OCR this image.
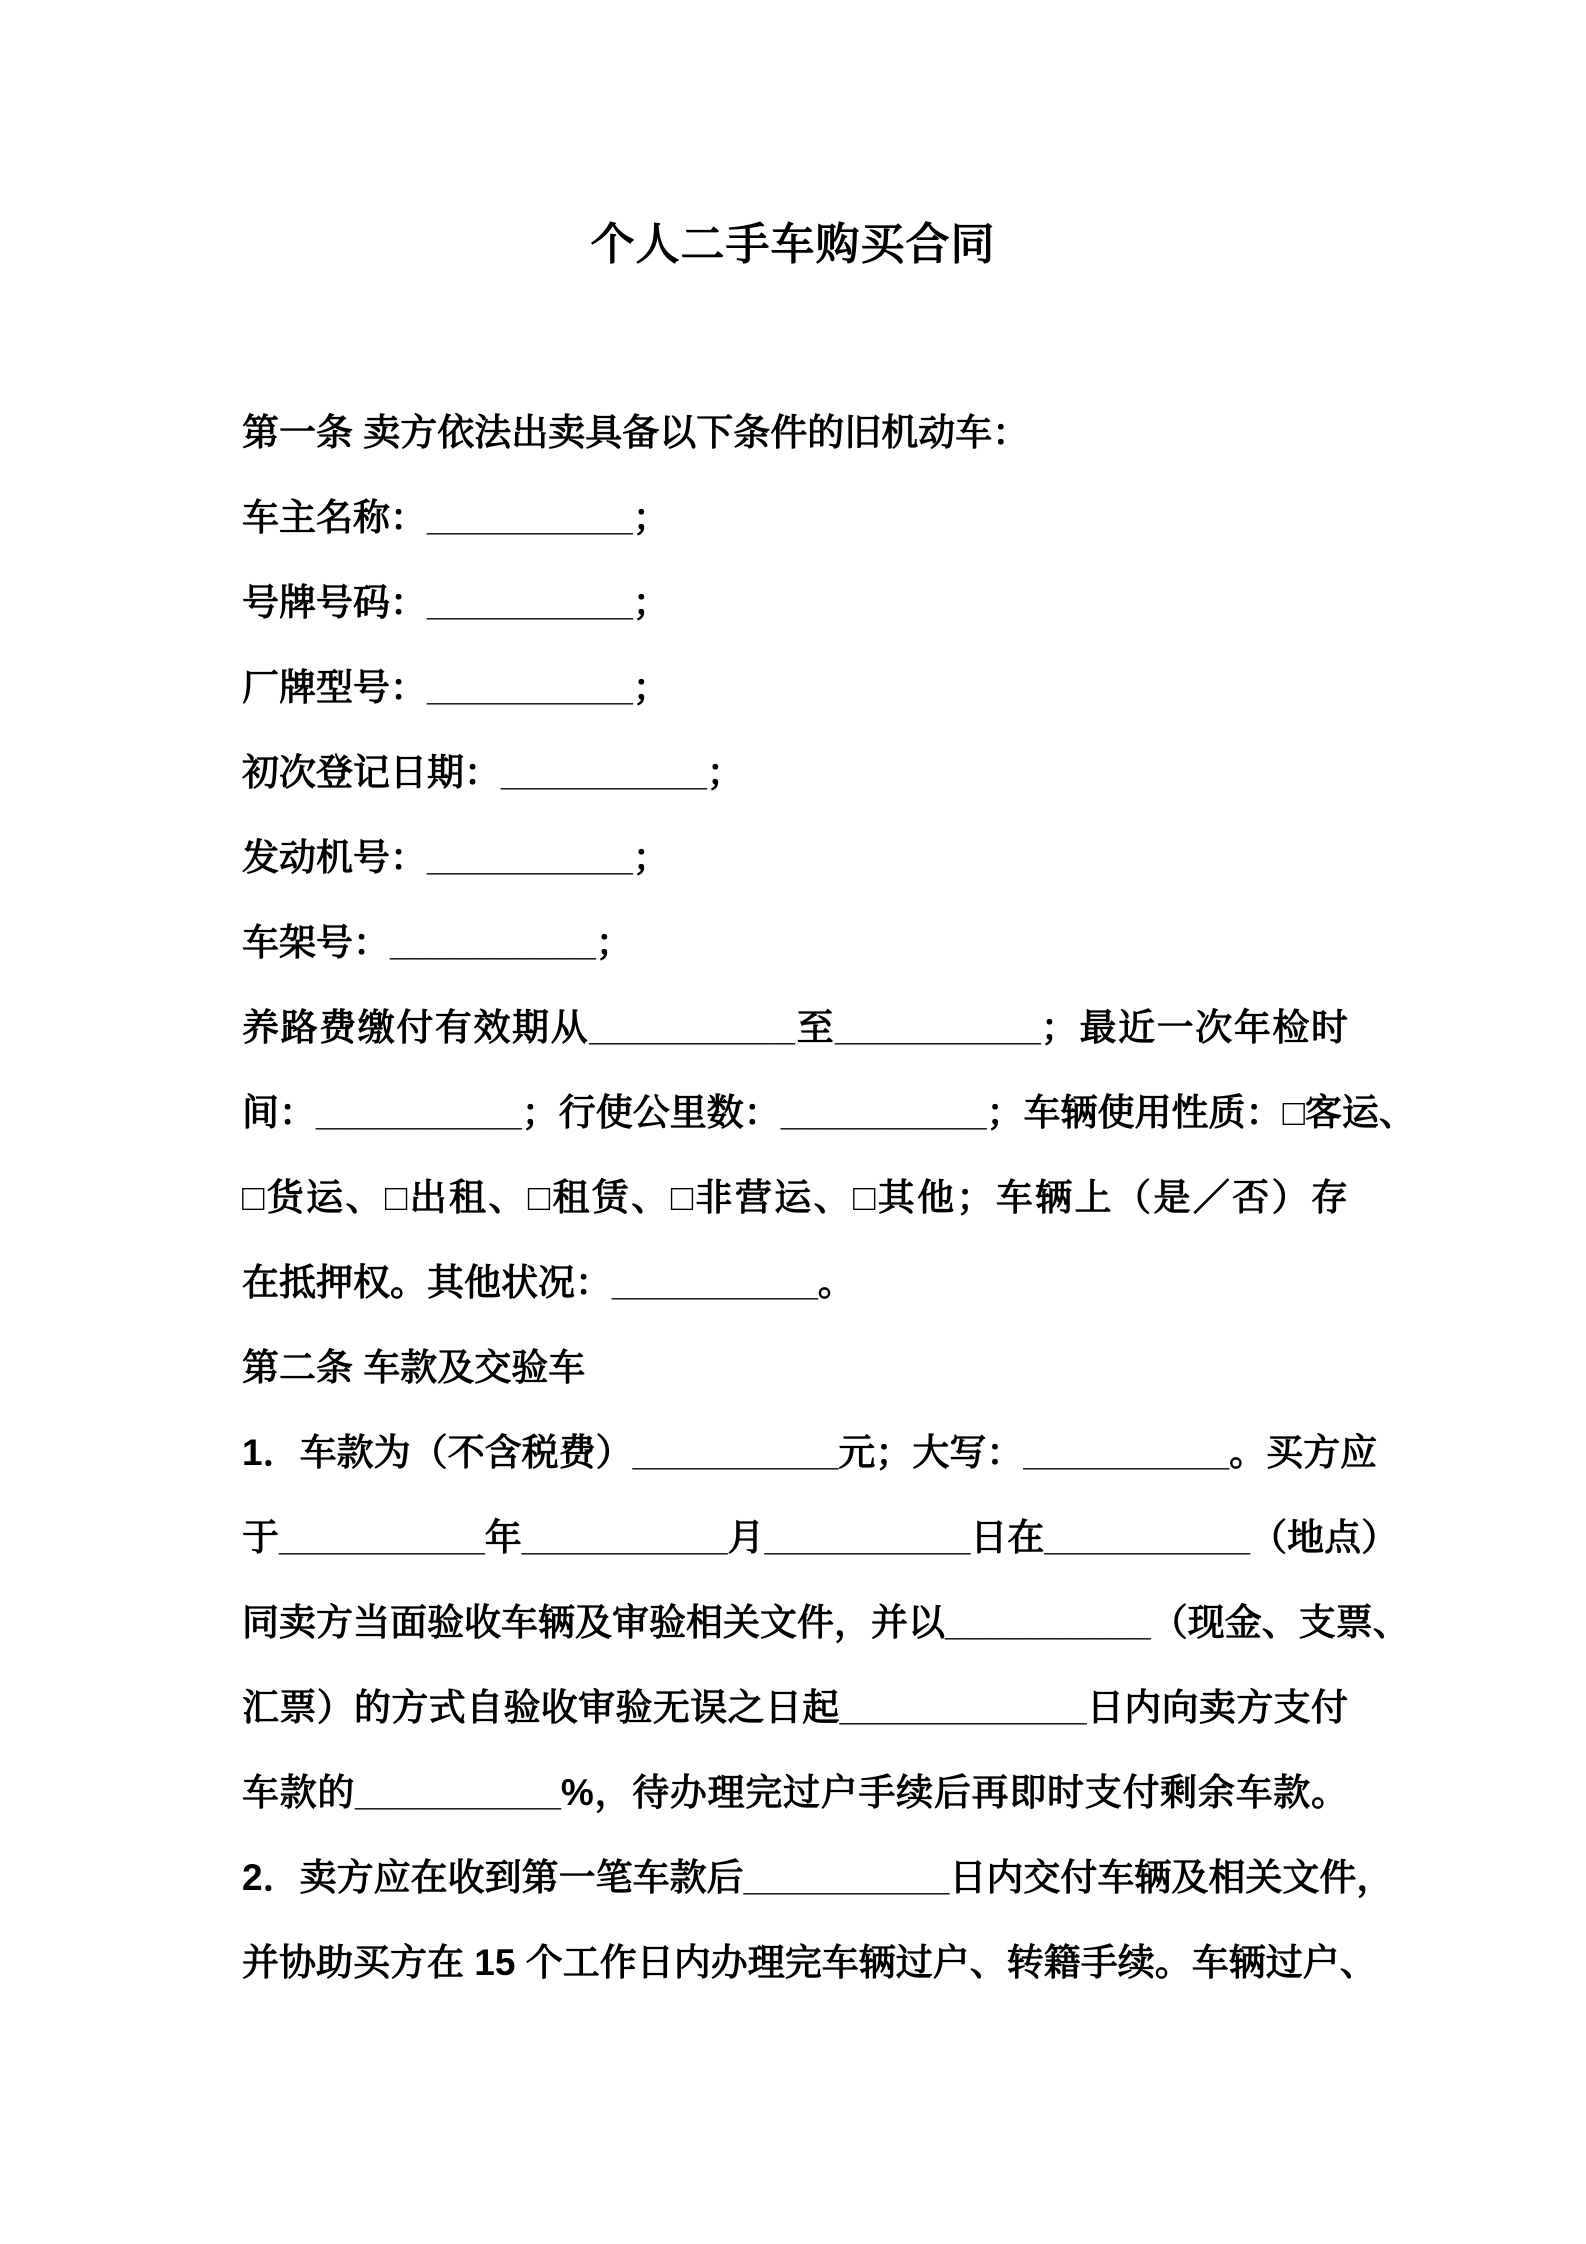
个人二手车购买合同
第一条 卖方依法出卖具备以下条件的旧机动车：
车主名称：__________；
号牌号码：__________；
厂牌型号：__________；
初次登记日期：__________；
发动机号：__________；
车架号：__________；
养路费缴付有效期从__________至__________；最近一次年检时
间：__________；行使公里数：__________；车辆使用性质：□客运、
□货运、□出租、□租赁、□非营运、□其他；车辆上（是／否）存
在抵押权。其他状况：__________。
第二条 车款及交验车
1．车款为（不含税费）__________元；大写：__________。买方应
于__________年__________月__________日在__________（地点）
同卖方当面验收车辆及审验相关文件，并以__________（现金、支票、
汇票）的方式自验收审验无误之日起____________日内向卖方支付
车款的__________%，待办理完过户手续后再即时支付剩余车款。
2．卖方应在收到第一笔车款后__________日内交付车辆及相关文件，
并协助买方在 15 个工作日内办理完车辆过户、转籍手续。车辆过户、
